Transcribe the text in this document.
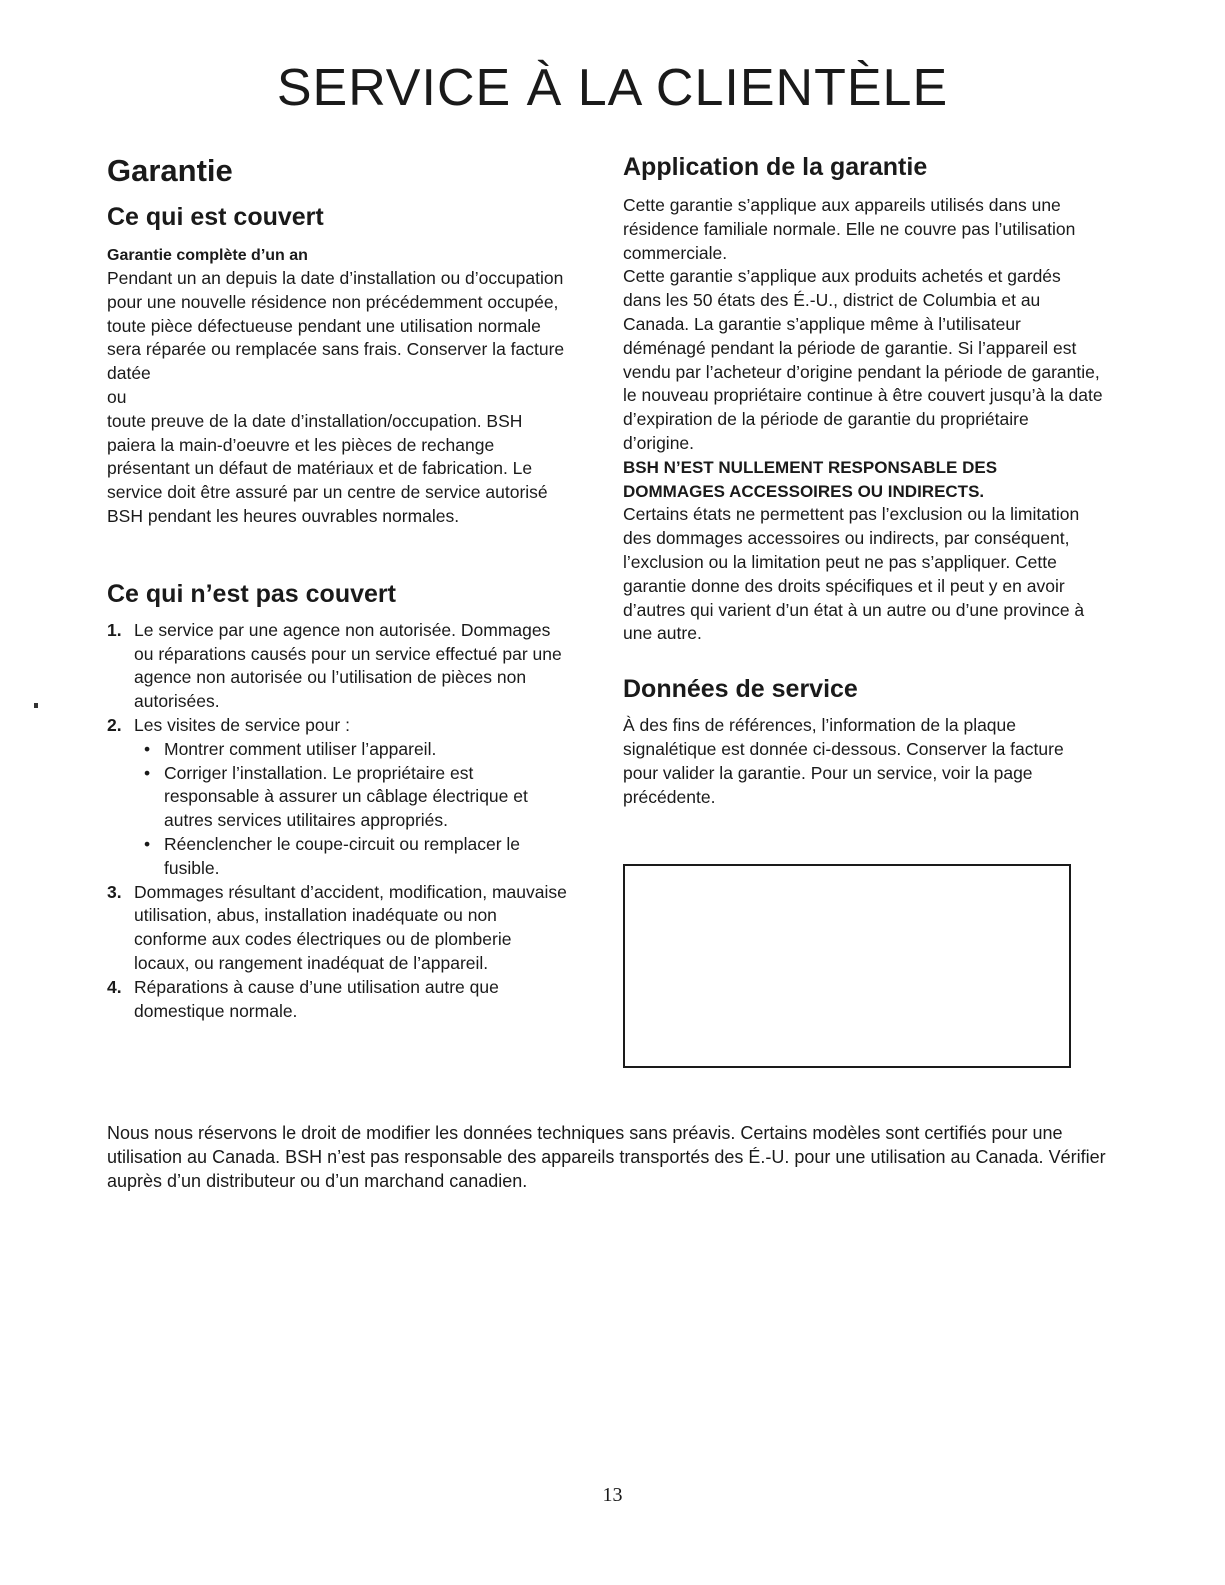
SERVICE À LA CLIENTÈLE
Garantie
Ce qui est couvert
Garantie complète d’un an

Pendant un an depuis la date d’installation ou d’occupation pour une nouvelle résidence non précédemment occupée, toute pièce défectueuse pendant une utilisation normale sera réparée ou remplacée sans frais. Conserver la facture datée

ou

toute preuve de la date d’installation/occupation. BSH paiera la main-d’oeuvre et les pièces de rechange présentant un défaut de matériaux et de fabrication. Le service doit être assuré par un centre de service autorisé BSH pendant les heures ouvrables normales.

Ce qui n’est pas couvert
1. Le service par une agence non autorisée. Dommages ou réparations causés pour un service effectué par une agence non autorisée ou l’utilisation de pièces non autorisées.
2. Les visites de service pour :
• Montrer comment utiliser l’appareil.
• Corriger l’installation. Le propriétaire est responsable à assurer un câblage électrique et autres services utilitaires appropriés.
• Réenclencher le coupe-circuit ou remplacer le fusible.
3. Dommages résultant d’accident, modification, mauvaise utilisation, abus, installation inadéquate ou non conforme aux codes électriques ou de plomberie locaux, ou rangement inadéquat de l’appareil.
4. Réparations à cause d’une utilisation autre que domestique normale.
Application de la garantie

Cette garantie s’applique aux appareils utilisés dans une résidence familiale normale. Elle ne couvre pas l’utilisation commerciale.

Cette garantie s’applique aux produits achetés et gardés dans les 50 états des É.-U., district de Columbia et au Canada. La garantie s’applique même à l’utilisateur déménagé pendant la période de garantie. Si l’appareil est vendu par l’acheteur d’origine pendant la période de garantie, le nouveau propriétaire continue à être couvert jusqu’à la date d’expiration de la période de garantie du propriétaire d’origine.

BSH N’EST NULLEMENT RESPONSABLE DES DOMMAGES ACCESSOIRES OU INDIRECTS.

Certains états ne permettent pas l’exclusion ou la limitation des dommages accessoires ou indirects, par conséquent, l’exclusion ou la limitation peut ne pas s’appliquer. Cette garantie donne des droits spécifiques et il peut y en avoir d’autres qui varient d’un état à un autre ou d’une province à une autre.

Données de service

À des fins de références, l’information de la plaque signalétique est donnée ci-dessous. Conserver la facture pour valider la garantie. Pour un service, voir la page précédente.

Nous nous réservons le droit de modifier les données techniques sans préavis. Certains modèles sont certifiés pour une utilisation au Canada. BSH n’est pas responsable des appareils transportés des É.-U. pour une utilisation au Canada. Vérifier auprès d’un distributeur ou d’un marchand canadien.

13
